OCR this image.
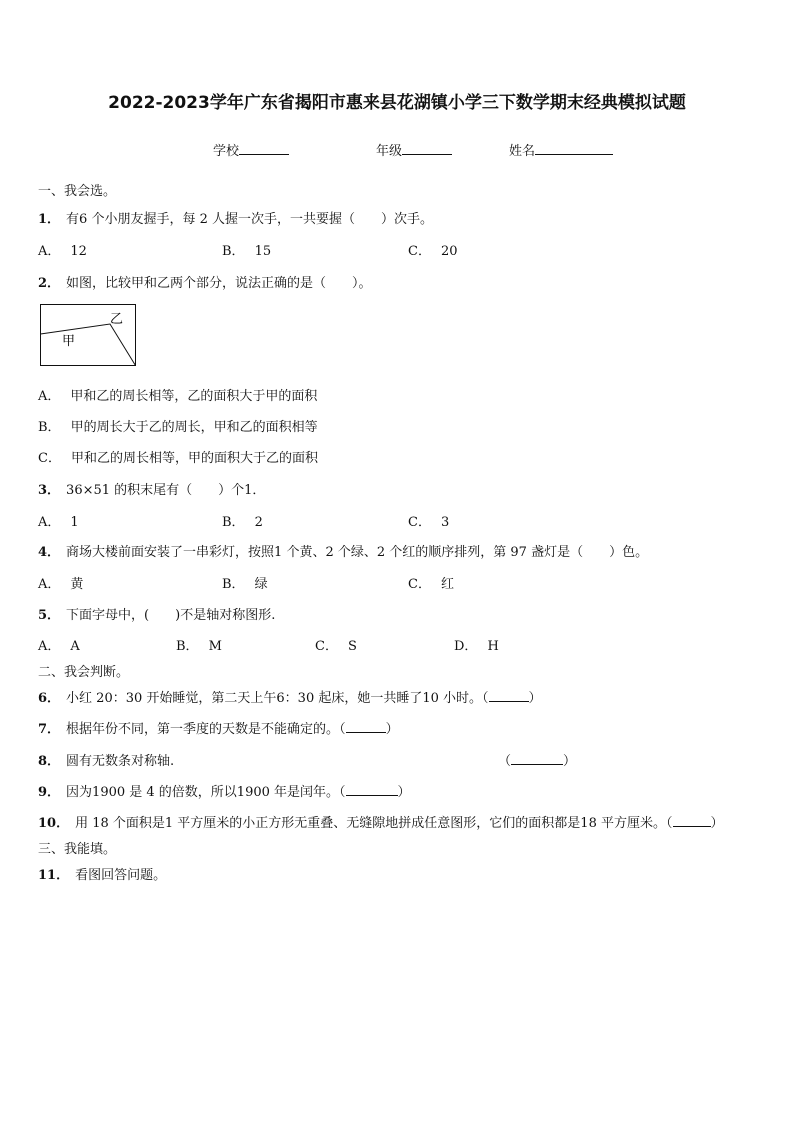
2022-2023学年广东省揭阳市惠来县花湖镇小学三下数学期末经典模拟试题
学校	年级	姓名
一、我会选。
1． 有6 个小朋友握手，每 2 人握一次手，一共要握（　　）次手。
A． 12	B． 15	C． 20
2． 如图，比较甲和乙两个部分，说法正确的是（　　）。
甲
乙
A． 甲和乙的周长相等，乙的面积大于甲的面积
B． 甲的周长大于乙的周长，甲和乙的面积相等
C． 甲和乙的周长相等，甲的面积大于乙的面积
3． 36×51 的积末尾有（　　）个1．
A． 1	B． 2	C． 3
4． 商场大楼前面安装了一串彩灯，按照1 个黄、2 个绿、2 个红的顺序排列，第 97 盏灯是（　　）色。
A． 黄	B． 绿	C． 红
5． 下面字母中，(　　)不是轴对称图形.
A． A	B． M	C． S	D． H
二、我会判断。
6． 小红 20：30 开始睡觉，第二天上午6：30 起床，她一共睡了10 小时。（	）
7． 根据年份不同，第一季度的天数是不能确定的。（	）
8． 圆有无数条对称轴.	（	）
9． 因为1900 是 4 的倍数，所以1900 年是闰年。（	）
10． 用 18 个面积是1 平方厘米的小正方形无重叠、无缝隙地拼成任意图形，它们的面积都是18 平方厘米。（	）
三、我能填。
11． 看图回答问题。
